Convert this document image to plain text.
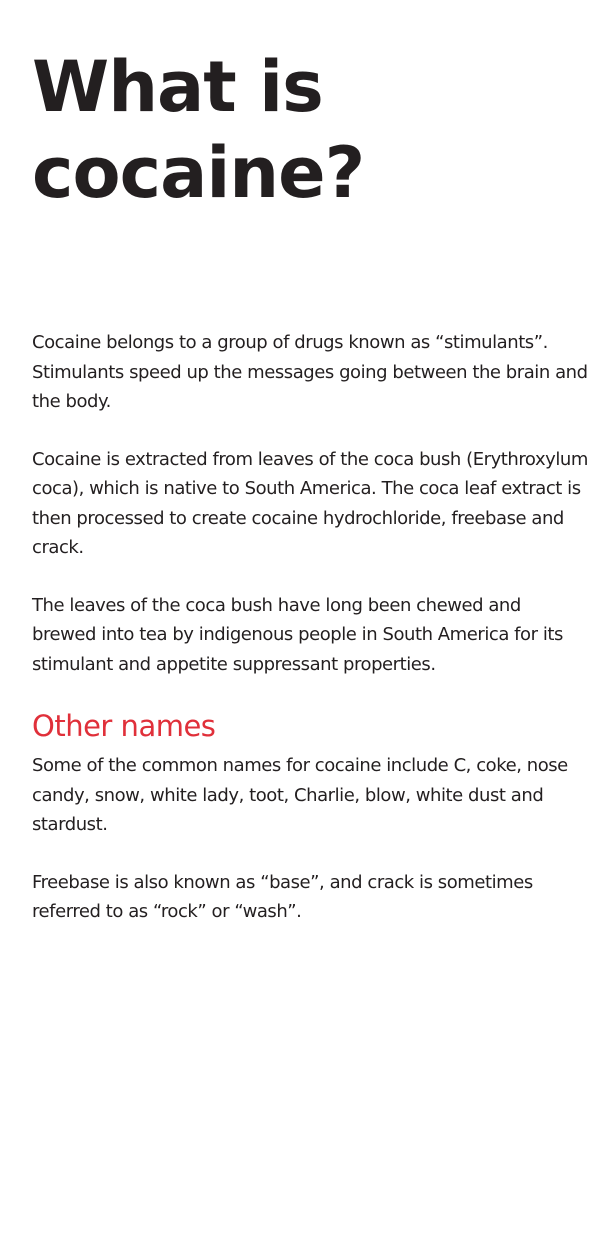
What is
cocaine?

Cocaine belongs to a group of drugs known as “stimulants”. Stimulants speed up the messages going between the brain and the body.

Cocaine is extracted from leaves of the coca bush (Erythroxylum coca), which is native to South America. The coca leaf extract is then processed to create cocaine hydrochloride, freebase and crack.

The leaves of the coca bush have long been chewed and brewed into tea by indigenous people in South America for its stimulant and appetite suppressant properties.

Other names

Some of the common names for cocaine include C, coke, nose candy, snow, white lady, toot, Charlie, blow, white dust and stardust.

Freebase is also known as “base”, and crack is sometimes referred to as “rock” or “wash”.
